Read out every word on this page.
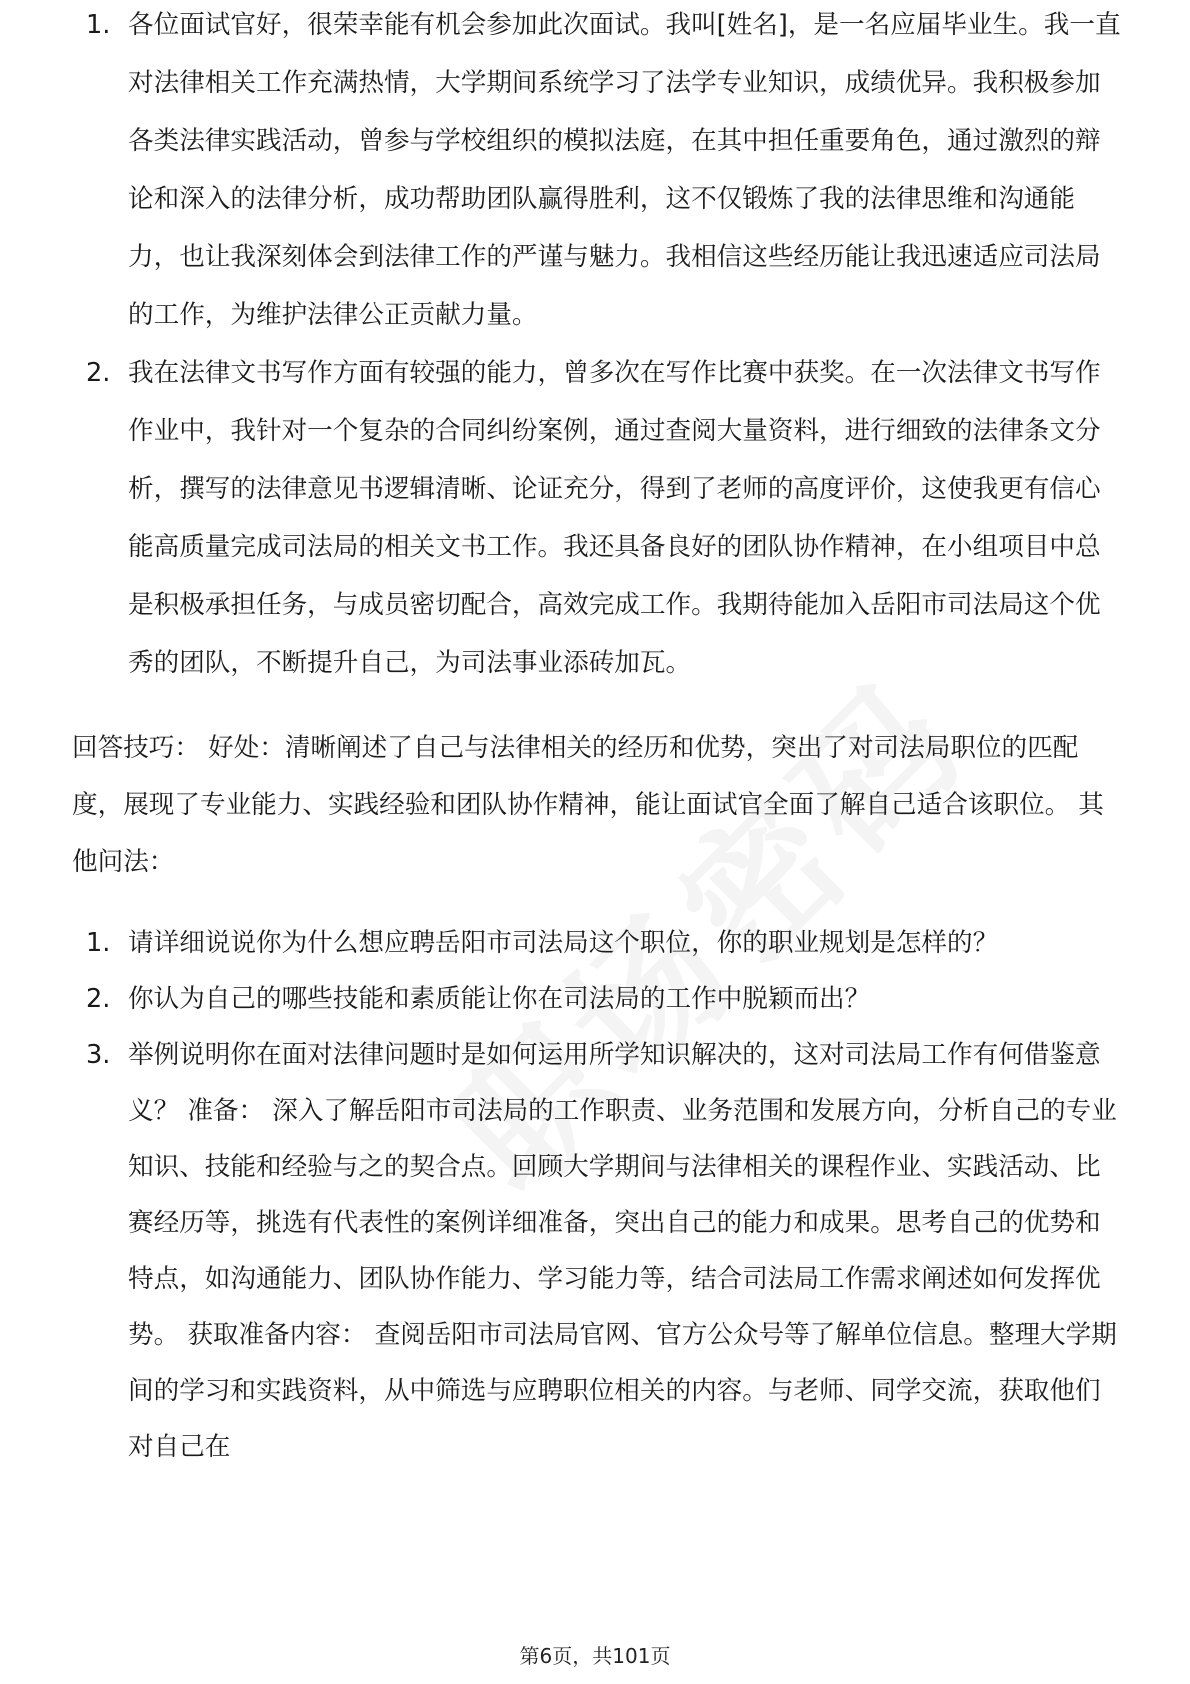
1. 各位面试官好，很荣幸能有机会参加此次面试。我叫[姓名]，是一名应届毕业生。我一直对法律相关工作充满热情，大学期间系统学习了法学专业知识，成绩优异。我积极参加各类法律实践活动，曾参与学校组织的模拟法庭，在其中担任重要角色，通过激烈的辩论和深入的法律分析，成功帮助团队赢得胜利，这不仅锻炼了我的法律思维和沟通能力，也让我深刻体会到法律工作的严谨与魅力。我相信这些经历能让我迅速适应司法局的工作，为维护法律公正贡献力量。
2. 我在法律文书写作方面有较强的能力，曾多次在写作比赛中获奖。在一次法律文书写作作业中，我针对一个复杂的合同纠纷案例，通过查阅大量资料，进行细致的法律条文分析，撰写的法律意见书逻辑清晰、论证充分，得到了老师的高度评价，这使我更有信心能高质量完成司法局的相关文书工作。我还具备良好的团队协作精神，在小组项目中总是积极承担任务，与成员密切配合，高效完成工作。我期待能加入岳阳市司法局这个优秀的团队，不断提升自己，为司法事业添砖加瓦。

回答技巧： 好处：清晰阐述了自己与法律相关的经历和优势，突出了对司法局职位的匹配度，展现了专业能力、实践经验和团队协作精神，能让面试官全面了解自己适合该职位。 其他问法：

1. 请详细说说你为什么想应聘岳阳市司法局这个职位，你的职业规划是怎样的？
2. 你认为自己的哪些技能和素质能让你在司法局的工作中脱颖而出？
3. 举例说明你在面对法律问题时是如何运用所学知识解决的，这对司法局工作有何借鉴意义？ 准备： 深入了解岳阳市司法局的工作职责、业务范围和发展方向，分析自己的专业知识、技能和经验与之的契合点。回顾大学期间与法律相关的课程作业、实践活动、比赛经历等，挑选有代表性的案例详细准备，突出自己的能力和成果。思考自己的优势和特点，如沟通能力、团队协作能力、学习能力等，结合司法局工作需求阐述如何发挥优势。 获取准备内容： 查阅岳阳市司法局官网、官方公众号等了解单位信息。整理大学期间的学习和实践资料，从中筛选与应聘职位相关的内容。与老师、同学交流，获取他们对自己在
第6页，共101页
